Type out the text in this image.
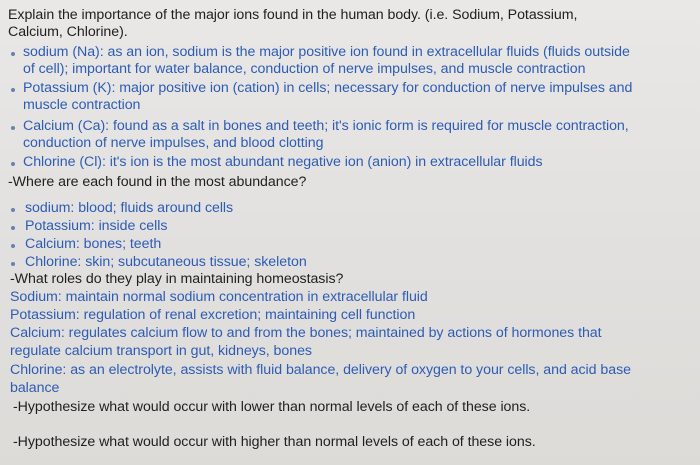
Explain the importance of the major ions found in the human body. (i.e. Sodium, Potassium,
Calcium, Chlorine).
sodium (Na): as an ion, sodium is the major positive ion found in extracellular fluids (fluids outside
of cell); important for water balance, conduction of nerve impulses, and muscle contraction
Potassium (K): major positive ion (cation) in cells; necessary for conduction of nerve impulses and
muscle contraction
Calcium (Ca): found as a salt in bones and teeth; it's ionic form is required for muscle contraction,
conduction of nerve impulses, and blood clotting
Chlorine (Cl): it's ion is the most abundant negative ion (anion) in extracellular fluids
-Where are each found in the most abundance?
sodium: blood; fluids around cells
Potassium: inside cells
Calcium: bones; teeth
Chlorine: skin; subcutaneous tissue; skeleton
-What roles do they play in maintaining homeostasis?
Sodium: maintain normal sodium concentration in extracellular fluid
Potassium: regulation of renal excretion; maintaining cell function
Calcium: regulates calcium flow to and from the bones; maintained by actions of hormones that
regulate calcium transport in gut, kidneys, bones
Chlorine: as an electrolyte, assists with fluid balance, delivery of oxygen to your cells, and acid base
balance
-Hypothesize what would occur with lower than normal levels of each of these ions.
-Hypothesize what would occur with higher than normal levels of each of these ions.
